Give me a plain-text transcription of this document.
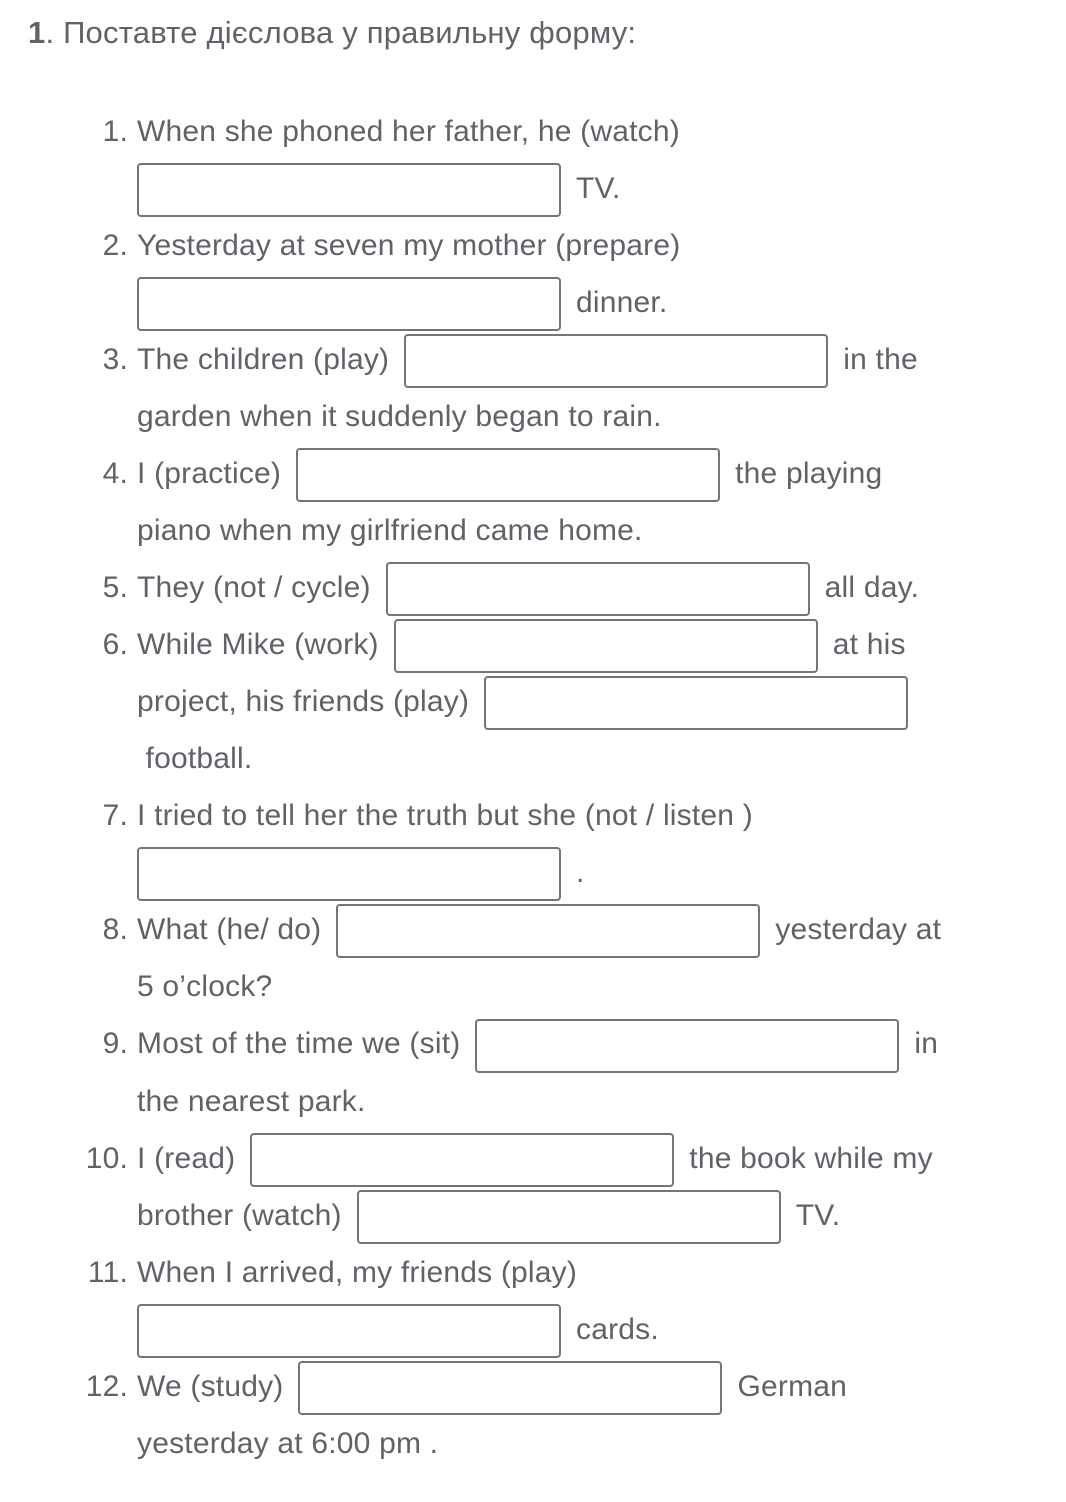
1. Поставте дієслова у правильну форму:
1. When she phoned her father, he (watch)
TV.
2. Yesterday at seven my mother (prepare)
dinner.
3. The children (play)	in the
garden when it suddenly began to rain.
4. I (practice)	the playing
piano when my girlfriend came home.
5. They (not / cycle)	all day.
6. While Mike (work)	at his
project, his friends (play)
football.
7. I tried to tell her the truth but she (not / listen )
.
8. What (he/ do)	yesterday at
5 o’clock?
9. Most of the time we (sit)	in
the nearest park.
10. I (read)	the book while my
brother (watch)	TV.
11. When I arrived, my friends (play)
cards.
12. We (study)	German
yesterday at 6:00 pm .
